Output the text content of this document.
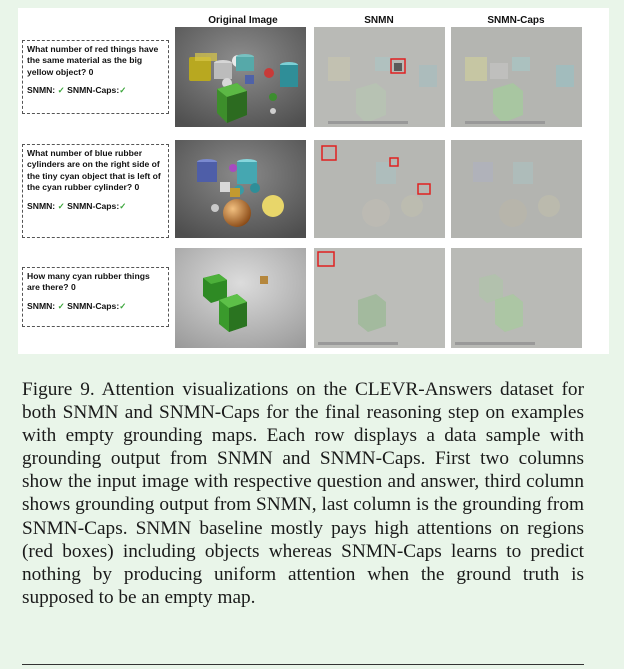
Original Image	SNMN	SNMN-Caps
What number of red things have the same material as the big yellow object? 0
SNMN: ✓ SNMN-Caps:✓
What number of blue rubber cylinders are on the right side of the tiny cyan object that is left of the cyan rubber cylinder? 0
SNMN: ✓ SNMN-Caps:✓
How many cyan rubber things are there? 0
SNMN: ✓ SNMN-Caps:✓
Figure 9. Attention visualizations on the CLEVR-Answers dataset for both SNMN and SNMN-Caps for the final reasoning step on examples with empty grounding maps. Each row displays a data sample with grounding output from SNMN and SNMN-Caps. First two columns show the input image with respective question and answer, third column shows grounding output from SNMN, last column is the grounding from SNMN-Caps. SNMN baseline mostly pays high attentions on regions (red boxes) including objects whereas SNMN-Caps learns to predict nothing by producing uniform attention when the ground truth is supposed to be an empty map.
